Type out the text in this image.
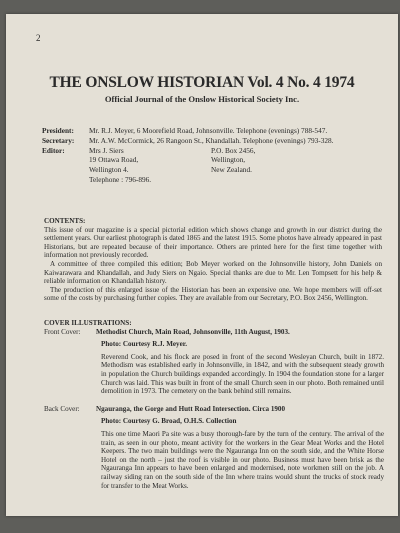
2
THE ONSLOW HISTORIAN Vol. 4 No. 4 1974
Official Journal of the Onslow Historical Society Inc.
President:	Mr. R.J. Meyer, 6 Moorefield Road, Johnsonville. Telephone (evenings) 788-547.
Secretary:	Mr. A.W. McCormick, 26 Rangoon St., Khandallah. Telephone (evenings) 793-328.
Editor:	Mrs J. Siers	P.O. Box 2456,
19 Ottawa Road,	Wellington,
Wellington 4.	New Zealand.
Telephone : 796-896.
CONTENTS:

This issue of our magazine is a special pictorial edition which shows change and growth in our district during the settlement years. Our earliest photograph is dated 1865 and the latest 1915. Some photos have already appeared in past Historians, but are repeated because of their importance. Others are printed here for the first time together with information not previously recorded.

A committee of three compiled this edition; Bob Meyer worked on the Johnsonville history, John Daniels on Kaiwarawara and Khandallah, and Judy Siers on Ngaio. Special thanks are due to Mr. Len Tompsett for his help & reliable information on Khandallah history.

The production of this enlarged issue of the Historian has been an expensive one. We hope members will off-set some of the costs by purchasing further copies. They are available from our Secretary, P.O. Box 2456, Wellington.

COVER ILLUSTRATIONS:
Front Cover:	Methodist Church, Main Road, Johnsonville, 11th August, 1903.
Photo: Courtesy R.J. Meyer.

Reverend Cook, and his flock are posed in front of the second Wesleyan Church, built in 1872. Methodism was established early in Johnsonville, in 1842, and with the subsequent steady growth in population the Church buildings expanded accordingly. In 1904 the foundation stone for a larger Church was laid. This was built in front of the small Church seen in our photo. Both remained until demolition in 1973. The cemetery on the bank behind still remains.

Back Cover:	Ngauranga, the Gorge and Hutt Road Intersection. Circa 1900
Photo: Courtesy G. Broad, O.H.S. Collection

This one time Maori Pa site was a busy thorough-fare by the turn of the century. The arrival of the train, as seen in our photo, meant activity for the workers in the Gear Meat Works and the Hotel Keepers. The two main buildings were the Ngauranga Inn on the south side, and the White Horse Hotel on the north – just the roof is visible in our photo. Business must have been brisk as the Ngauranga Inn appears to have been enlarged and modernised, note workmen still on the job. A railway siding ran on the south side of the Inn where trains would shunt the trucks of stock ready for transfer to the Meat Works.
